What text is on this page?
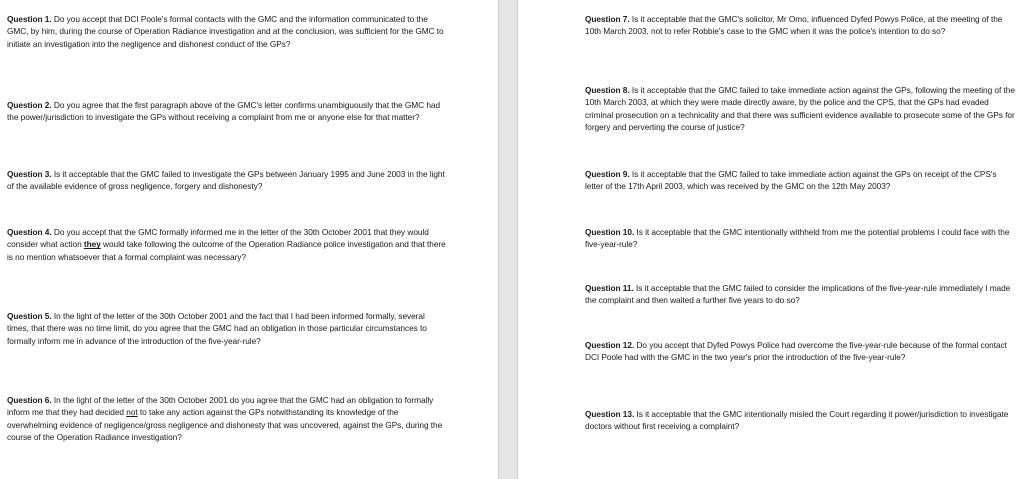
Question 1. Do you accept that DCI Poole's formal contacts with the GMC and the information communicated to the GMC, by him, during the course of Operation Radiance investigation and at the conclusion, was sufficient for the GMC to initiate an investigation into the negligence and dishonest conduct of the GPs?

Question 2. Do you agree that the first paragraph above of the GMC's letter confirms unambiguously that the GMC had the power/jurisdiction to investigate the GPs without receiving a complaint from me or anyone else for that matter?

Question 3. Is it acceptable that the GMC failed to investigate the GPs between January 1995 and June 2003 in the light of the available evidence of gross negligence, forgery and dishonesty?

Question 4. Do you accept that the GMC formally informed me in the letter of the 30th October 2001 that they would consider what action they would take following the outcome of the Operation Radiance police investigation and that there is no mention whatsoever that a formal complaint was necessary?

Question 5. In the light of the letter of the 30th October 2001 and the fact that I had been informed formally, several times, that there was no time limit, do you agree that the GMC had an obligation in those particular circumstances to formally inform me in advance of the introduction of the five-year-rule?

Question 6. In the light of the letter of the 30th October 2001 do you agree that the GMC had an obligation to formally inform me that they had decided not to take any action against the GPs notwithstanding its knowledge of the overwhelming evidence of negligence/gross negligence and dishonesty that was uncovered, against the GPs, during the course of the Operation Radiance investigation?

Question 7. Is it acceptable that the GMC's solicitor, Mr Omo, influenced Dyfed Powys Police, at the meeting of the 10th March 2003, not to refer Robbie's case to the GMC when it was the police's intention to do so?

Question 8. Is it acceptable that the GMC failed to take immediate action against the GPs, following the meeting of the 10th March 2003, at which they were made directly aware, by the police and the CPS, that the GPs had evaded criminal prosecution on a technicality and that there was sufficient evidence available to prosecute some of the GPs for forgery and perverting the course of justice?

Question 9. Is it acceptable that the GMC failed to take immediate action against the GPs on receipt of the CPS's letter of the 17th April 2003, which was received by the GMC on the 12th May 2003?

Question 10. Is it acceptable that the GMC intentionally withheld from me the potential problems I could face with the five-year-rule?

Question 11. Is it acceptable that the GMC failed to consider the implications of the five-year-rule immediately I made the complaint and then waited a further five years to do so?

Question 12. Do you accept that Dyfed Powys Police had overcome the five-year-rule because of the formal contact DCI Poole had with the GMC in the two year's prior the introduction of the five-year-rule?

Question 13. Is it acceptable that the GMC intentionally misled the Court regarding it power/jurisdiction to investigate doctors without first receiving a complaint?
